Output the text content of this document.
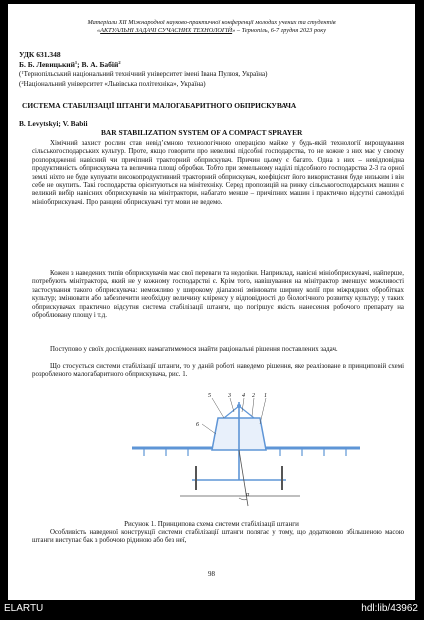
Матеріали XII Міжнародної науково-практичної конференції молодих учених та студентів
«АКТУАЛЬНІ ЗАДАЧІ СУЧАСНИХ ТЕХНОЛОГІЙ» – Тернопіль, 6-7 грудня 2023 року
УДК 631.348
Б. Б. Левицький$^1$; В. А. Бабій$^2$
($^1$Тернопільський національний технічний університет імені Івана Пулюя, Україна)
($^2$Національний університет «Львівська політехніка», Україна)
СИСТЕМА СТАБІЛІЗАЦІЇ ШТАНГИ МАЛОГАБАРИТНОГО ОБПРИСКУВАЧА
B. Levytskyi; V. Babii
BAR STABILIZATION SYSTEM OF A COMPACT SPRAYER
Хімічний захист рослин став невід’ємною технологічною операцією майже у будь-якій технології вирощування сільськогосподарських культур. Проте, якщо говорити про невеликі підсобні господарства, то не кожне з них має у своєму розпорядженні навісний чи причіпний тракторний обприскувач. Причин цьому є багато. Одна з них – невідповідна продуктивність обприскувача та величина площі обробки. Тобто при земельному наділі підсобного господарства 2-3 га орної землі ніхто не буде купувати високопродуктивний тракторний обприскувач, коефіцієнт його використання буде низьким і він себе не окупить. Такі господарства орієнтуються на мінітехніку. Серед пропозицій на ринку сільськогосподарських машин є великий вибір навісних обприскувачів на мінітрактори, набагато менше – причіпних машин і практично відсутні самохідні мініобприскувачі. Про ранцеві обприскувачі тут мови не ведемо.
Кожен з наведених типів обприскувачів має свої переваги та недоліки. Наприклад, навісні мініобприскувачі, найперше, потребують мінітрактора, який не у кожному господарстві є. Крім того, навішування на мінітрактор зменшує можливості застосування такого обприскувача: неможливо у широкому діапазоні змінювати ширину колії при міжрядних обробітках культур; змінювати або забезпечити необхідну величину кліренсу у відповідності до біологічного розвитку культур; у таких обприскувачах практично відсутня система стабілізації штанги, що погіршує якість нанесення робочого препарату на оброблювану площу і т.д.
Поступово у своїх дослідженнях намагатимемося знайти раціональні рішення поставлених задач.
Що стосується системи стабілізації штанги, то у даній роботі наведемо рішення, яке реалізоване в принциповій схемі розробленого малогабаритного обприскувача, рис. 1.
5	3 4 2 1
6
α
Рисунок 1. Принципова схема системи стабілізації штанги
Особливість наведеної конструкції системи стабілізації штанги полягає у тому, що додатковою збільшеною масою штанги виступає бак з робочою рідиною або без неї,
98
ELARTU	hdl:lib/43962
